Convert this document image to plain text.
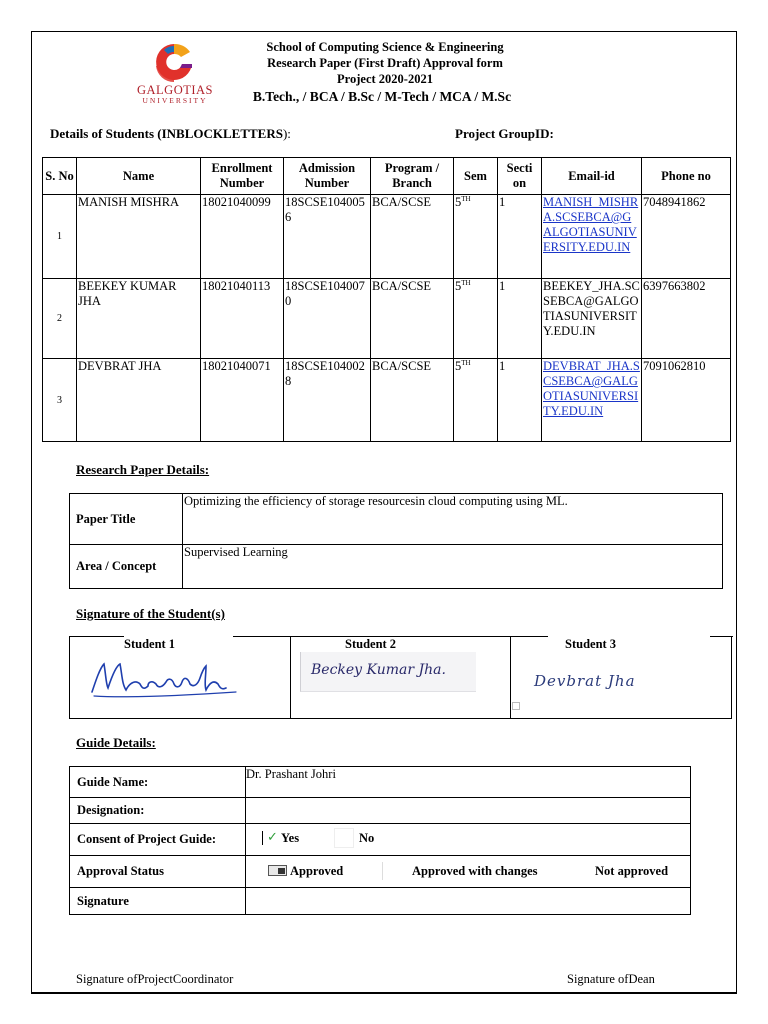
GALGOTIAS
UNIVERSITY
School of Computing Science & Engineering
Research Paper (First Draft) Approval form
Project 2020-2021
B.Tech., / BCA / B.Sc / M-Tech / MCA / M.Sc
Details of Students (INBLOCKLETTERS):	Project GroupID:
S. No	Name	Enrollment Number	Admission Number	Program / Branch	Sem	Secti on	Email-id	Phone no
1	MANISH MISHRA	18021040099	18SCSE1040056	BCA/SCSE	5TH	1	MANISH_MISHRA.SCSEBCA@GALGOTIASUNIVERSITY.EDU.IN	7048941862
2	BEEKEY KUMAR JHA	18021040113	18SCSE1040070	BCA/SCSE	5TH	1	BEEKEY_JHA.SCSEBCA@GALGOTIASUNIVERSITY.EDU.IN	6397663802
3	DEVBRAT JHA	18021040071	18SCSE1040028	BCA/SCSE	5TH	1	DEVBRAT_JHA.SCSEBCA@GALGOTIASUNIVERSITY.EDU.IN	7091062810
Research Paper Details:
Paper Title	Optimizing the efficiency of storage resourcesin cloud computing using ML.
Area / Concept	Supervised Learning
Signature of the Student(s)
Student 1	Student 2	Student 3
Beckey Kumar Jha.
Devbrat Jha
Guide Details:
Guide Name:	Dr. Prashant Johri
Designation:	
Consent of Project Guide:	✓ Yes No

Approval Status	Approved Approved with changes Not approved

Signature	
Signature ofProjectCoordinator	Signature ofDean
